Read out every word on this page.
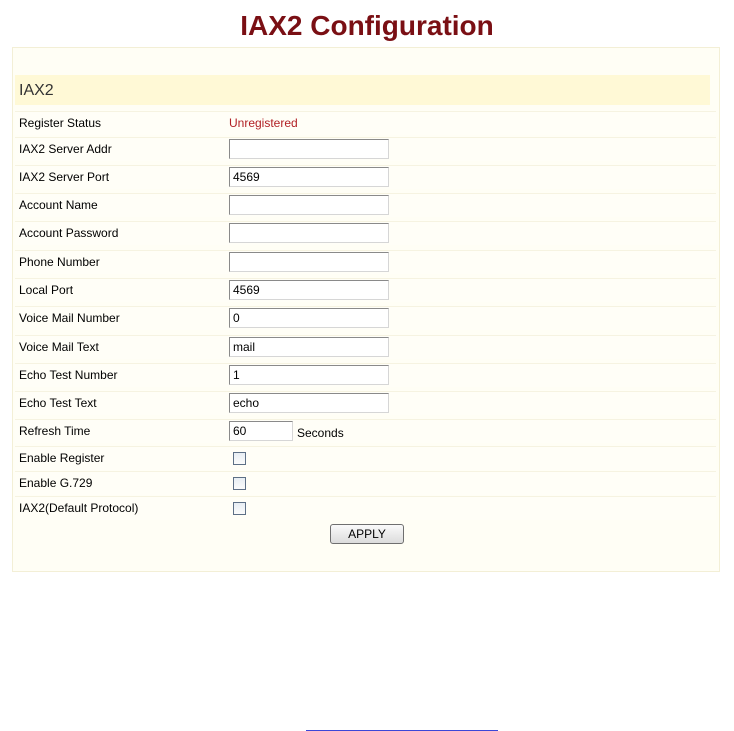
IAX2 Configuration
IAX2
Register Status	Unregistered
IAX2 Server Addr
IAX2 Server Port
4569
Account Name
Account Password
Phone Number
Local Port
4569
Voice Mail Number
0
Voice Mail Text
mail
Echo Test Number
1
Echo Test Text
echo
Refresh Time
60	Seconds
Enable Register
Enable G.729
IAX2(Default Protocol)
APPLY
